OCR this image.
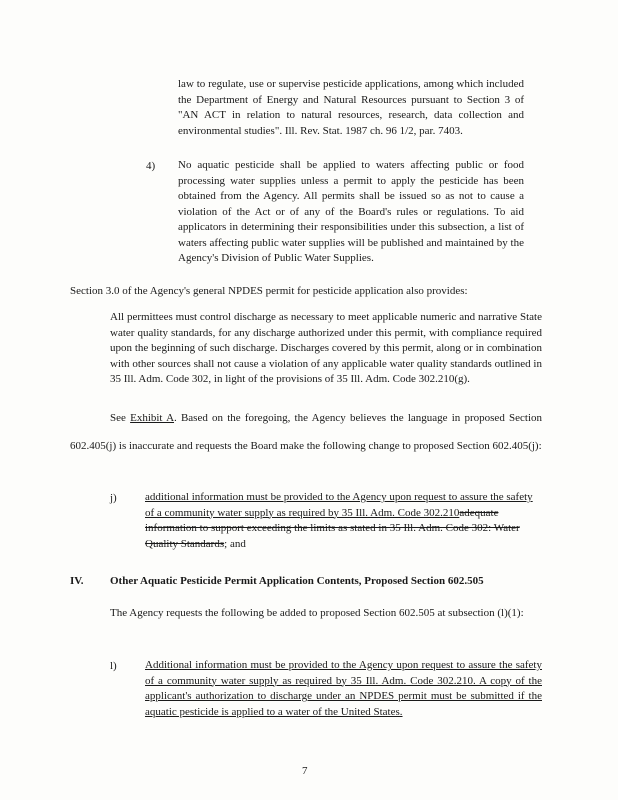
law to regulate, use or supervise pesticide applications, among which included the Department of Energy and Natural Resources pursuant to Section 3 of "AN ACT in relation to natural resources, research, data collection and environmental studies". Ill. Rev. Stat. 1987 ch. 96 1/2, par. 7403.
4) No aquatic pesticide shall be applied to waters affecting public or food processing water supplies unless a permit to apply the pesticide has been obtained from the Agency. All permits shall be issued so as not to cause a violation of the Act or of any of the Board's rules or regulations. To aid applicators in determining their responsibilities under this subsection, a list of waters affecting public water supplies will be published and maintained by the Agency's Division of Public Water Supplies.
Section 3.0 of the Agency's general NPDES permit for pesticide application also provides:
All permittees must control discharge as necessary to meet applicable numeric and narrative State water quality standards, for any discharge authorized under this permit, with compliance required upon the beginning of such discharge. Discharges covered by this permit, along or in combination with other sources shall not cause a violation of any applicable water quality standards outlined in 35 Ill. Adm. Code 302, in light of the provisions of 35 Ill. Adm. Code 302.210(g).
See Exhibit A. Based on the foregoing, the Agency believes the language in proposed Section 602.405(j) is inaccurate and requests the Board make the following change to proposed Section 602.405(j):
j)	additional information must be provided to the Agency upon request to assure the safety of a community water supply as required by 35 Ill. Adm. Code 302.210adequate information to support exceeding the limits as stated in 35 Ill. Adm. Code 302: Water Quality Standards; and
IV. Other Aquatic Pesticide Permit Application Contents, Proposed Section 602.505
The Agency requests the following be added to proposed Section 602.505 at subsection (l)(1):
l)	Additional information must be provided to the Agency upon request to assure the safety of a community water supply as required by 35 Ill. Adm. Code 302.210. A copy of the applicant's authorization to discharge under an NPDES permit must be submitted if the aquatic pesticide is applied to a water of the United States.
7
